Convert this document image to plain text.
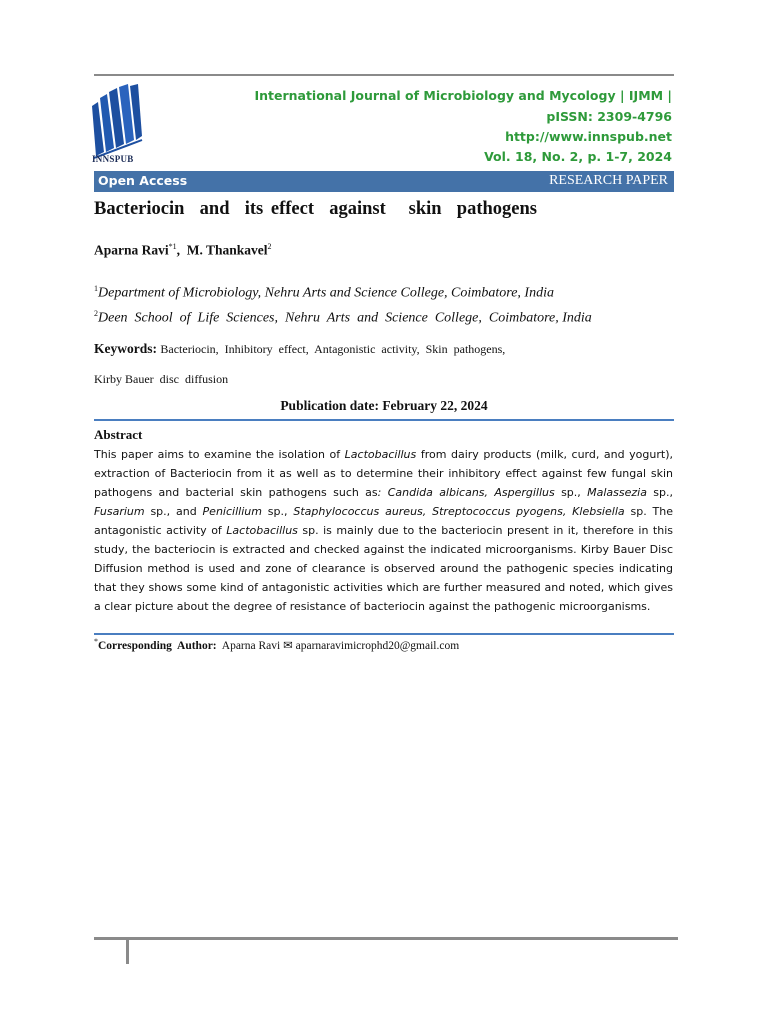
INNSPUB
International Journal of Microbiology and Mycology | IJMM |
pISSN: 2309-4796
http://www.innspub.net
Vol. 18, No. 2, p. 1-7, 2024
Open Access	RESEARCH PAPER
Bacteriocin  and  its effect  against   skin  pathogens
Aparna Ravi$^{*1}$,  M. Thankavel$^2$
$^1$Department of Microbiology, Nehru Arts and Science College, Coimbatore, India
$^2$Deen  School  of  Life  Sciences,  Nehru  Arts  and  Science  College,  Coimbatore, India
Keywords: Bacteriocin,  Inhibitory  effect,  Antagonistic  activity,  Skin  pathogens,
Kirby Bauer  disc  diffusion
Publication date: February 22, 2024
Abstract
This paper aims to examine the isolation of Lactobacillus from dairy products (milk, curd, and yogurt), extraction of Bacteriocin from it as well as to determine their inhibitory effect against few fungal skin pathogens and bacterial skin pathogens such as: Candida albicans, Aspergillus sp., Malassezia sp., Fusarium sp., and Penicillium sp., Staphylococcus aureus, Streptococcus pyogens, Klebsiella sp. The antagonistic activity of Lactobacillus sp. is mainly due to the bacteriocin present in it, therefore in this study, the bacteriocin is extracted and checked against the indicated microorganisms. Kirby Bauer Disc Diffusion method is used and zone of clearance is observed around the pathogenic species indicating that they shows some kind of antagonistic activities which are further measured and noted, which gives a clear picture about the degree of resistance of bacteriocin against the pathogenic microorganisms.
*Corresponding  Author: Aparna Ravi ✉ aparnaravimicrophd20@gmail.com
